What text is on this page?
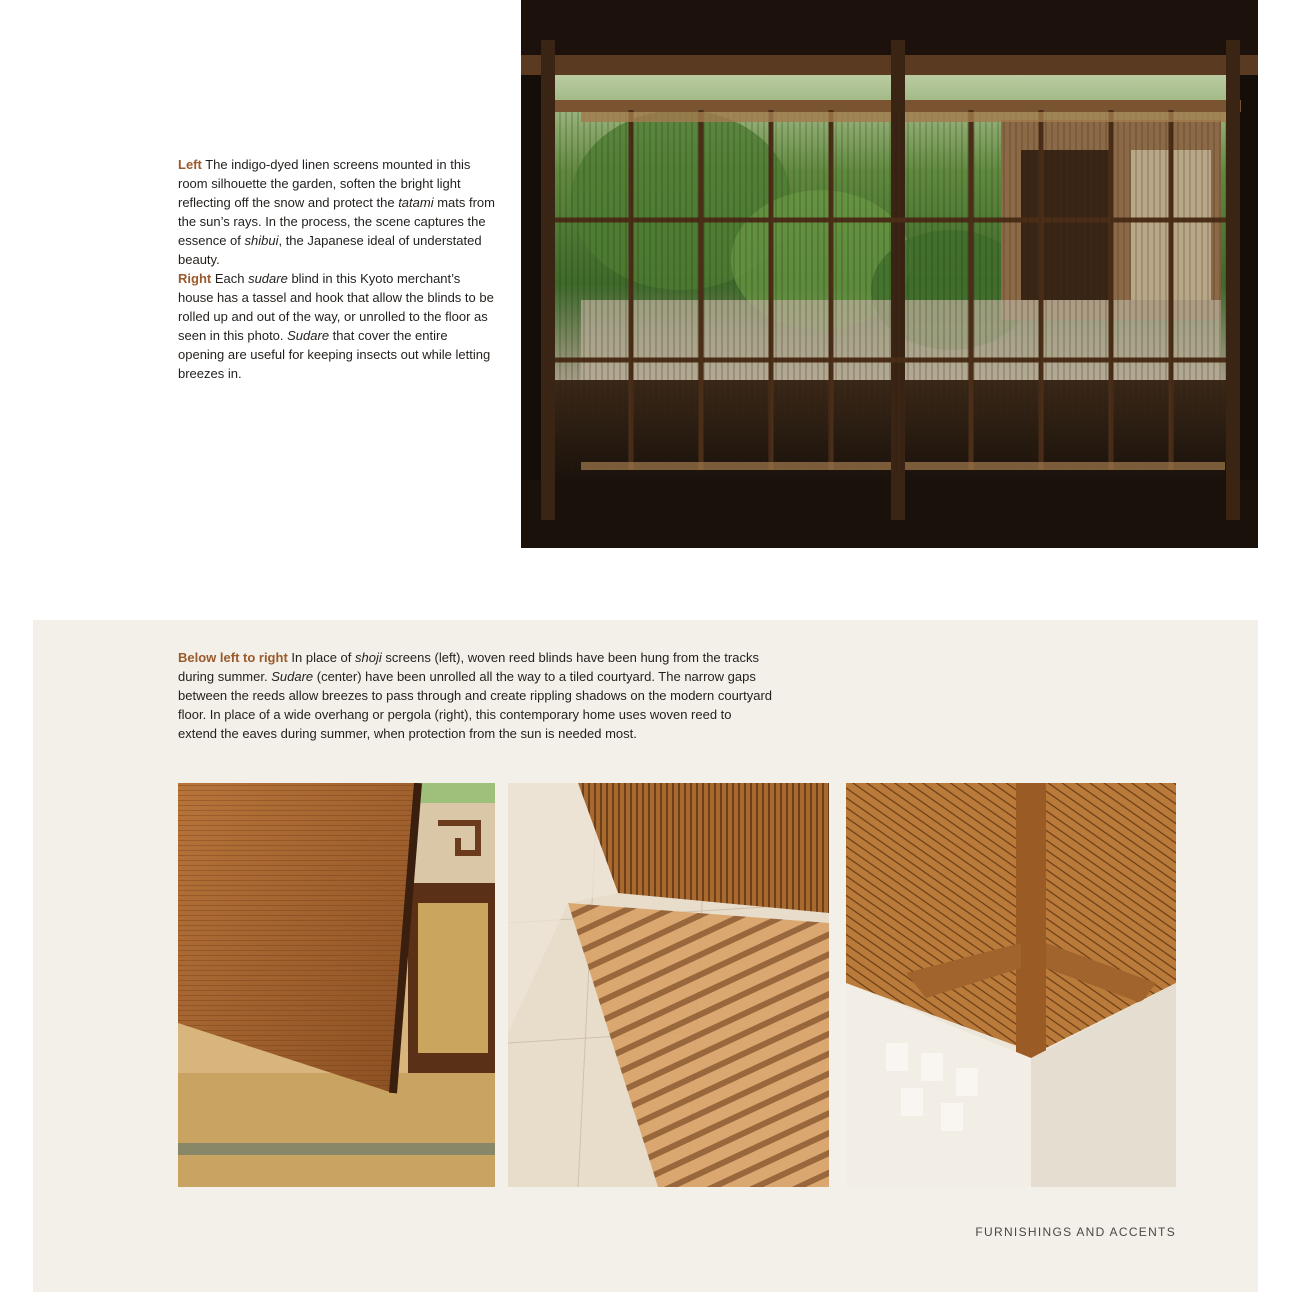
Left The indigo-dyed linen screens mounted in this room silhouette the garden, soften the bright light reflecting off the snow and protect the tatami mats from the sun’s rays. In the process, the scene captures the essence of shibui, the Japanese ideal of understated beauty.

Right Each sudare blind in this Kyoto merchant’s house has a tassel and hook that allow the blinds to be rolled up and out of the way, or unrolled to the floor as seen in this photo. Sudare that cover the entire opening are useful for keeping insects out while letting breezes in.

Below left to right In place of shoji screens (left), woven reed blinds have been hung from the tracks during summer. Sudare (center) have been unrolled all the way to a tiled courtyard. The narrow gaps between the reeds allow breezes to pass through and create rippling shadows on the modern courtyard floor. In place of a wide overhang or pergola (right), this contemporary home uses woven reed to extend the eaves during summer, when protection from the sun is needed most.

FURNISHINGS AND ACCENTS
